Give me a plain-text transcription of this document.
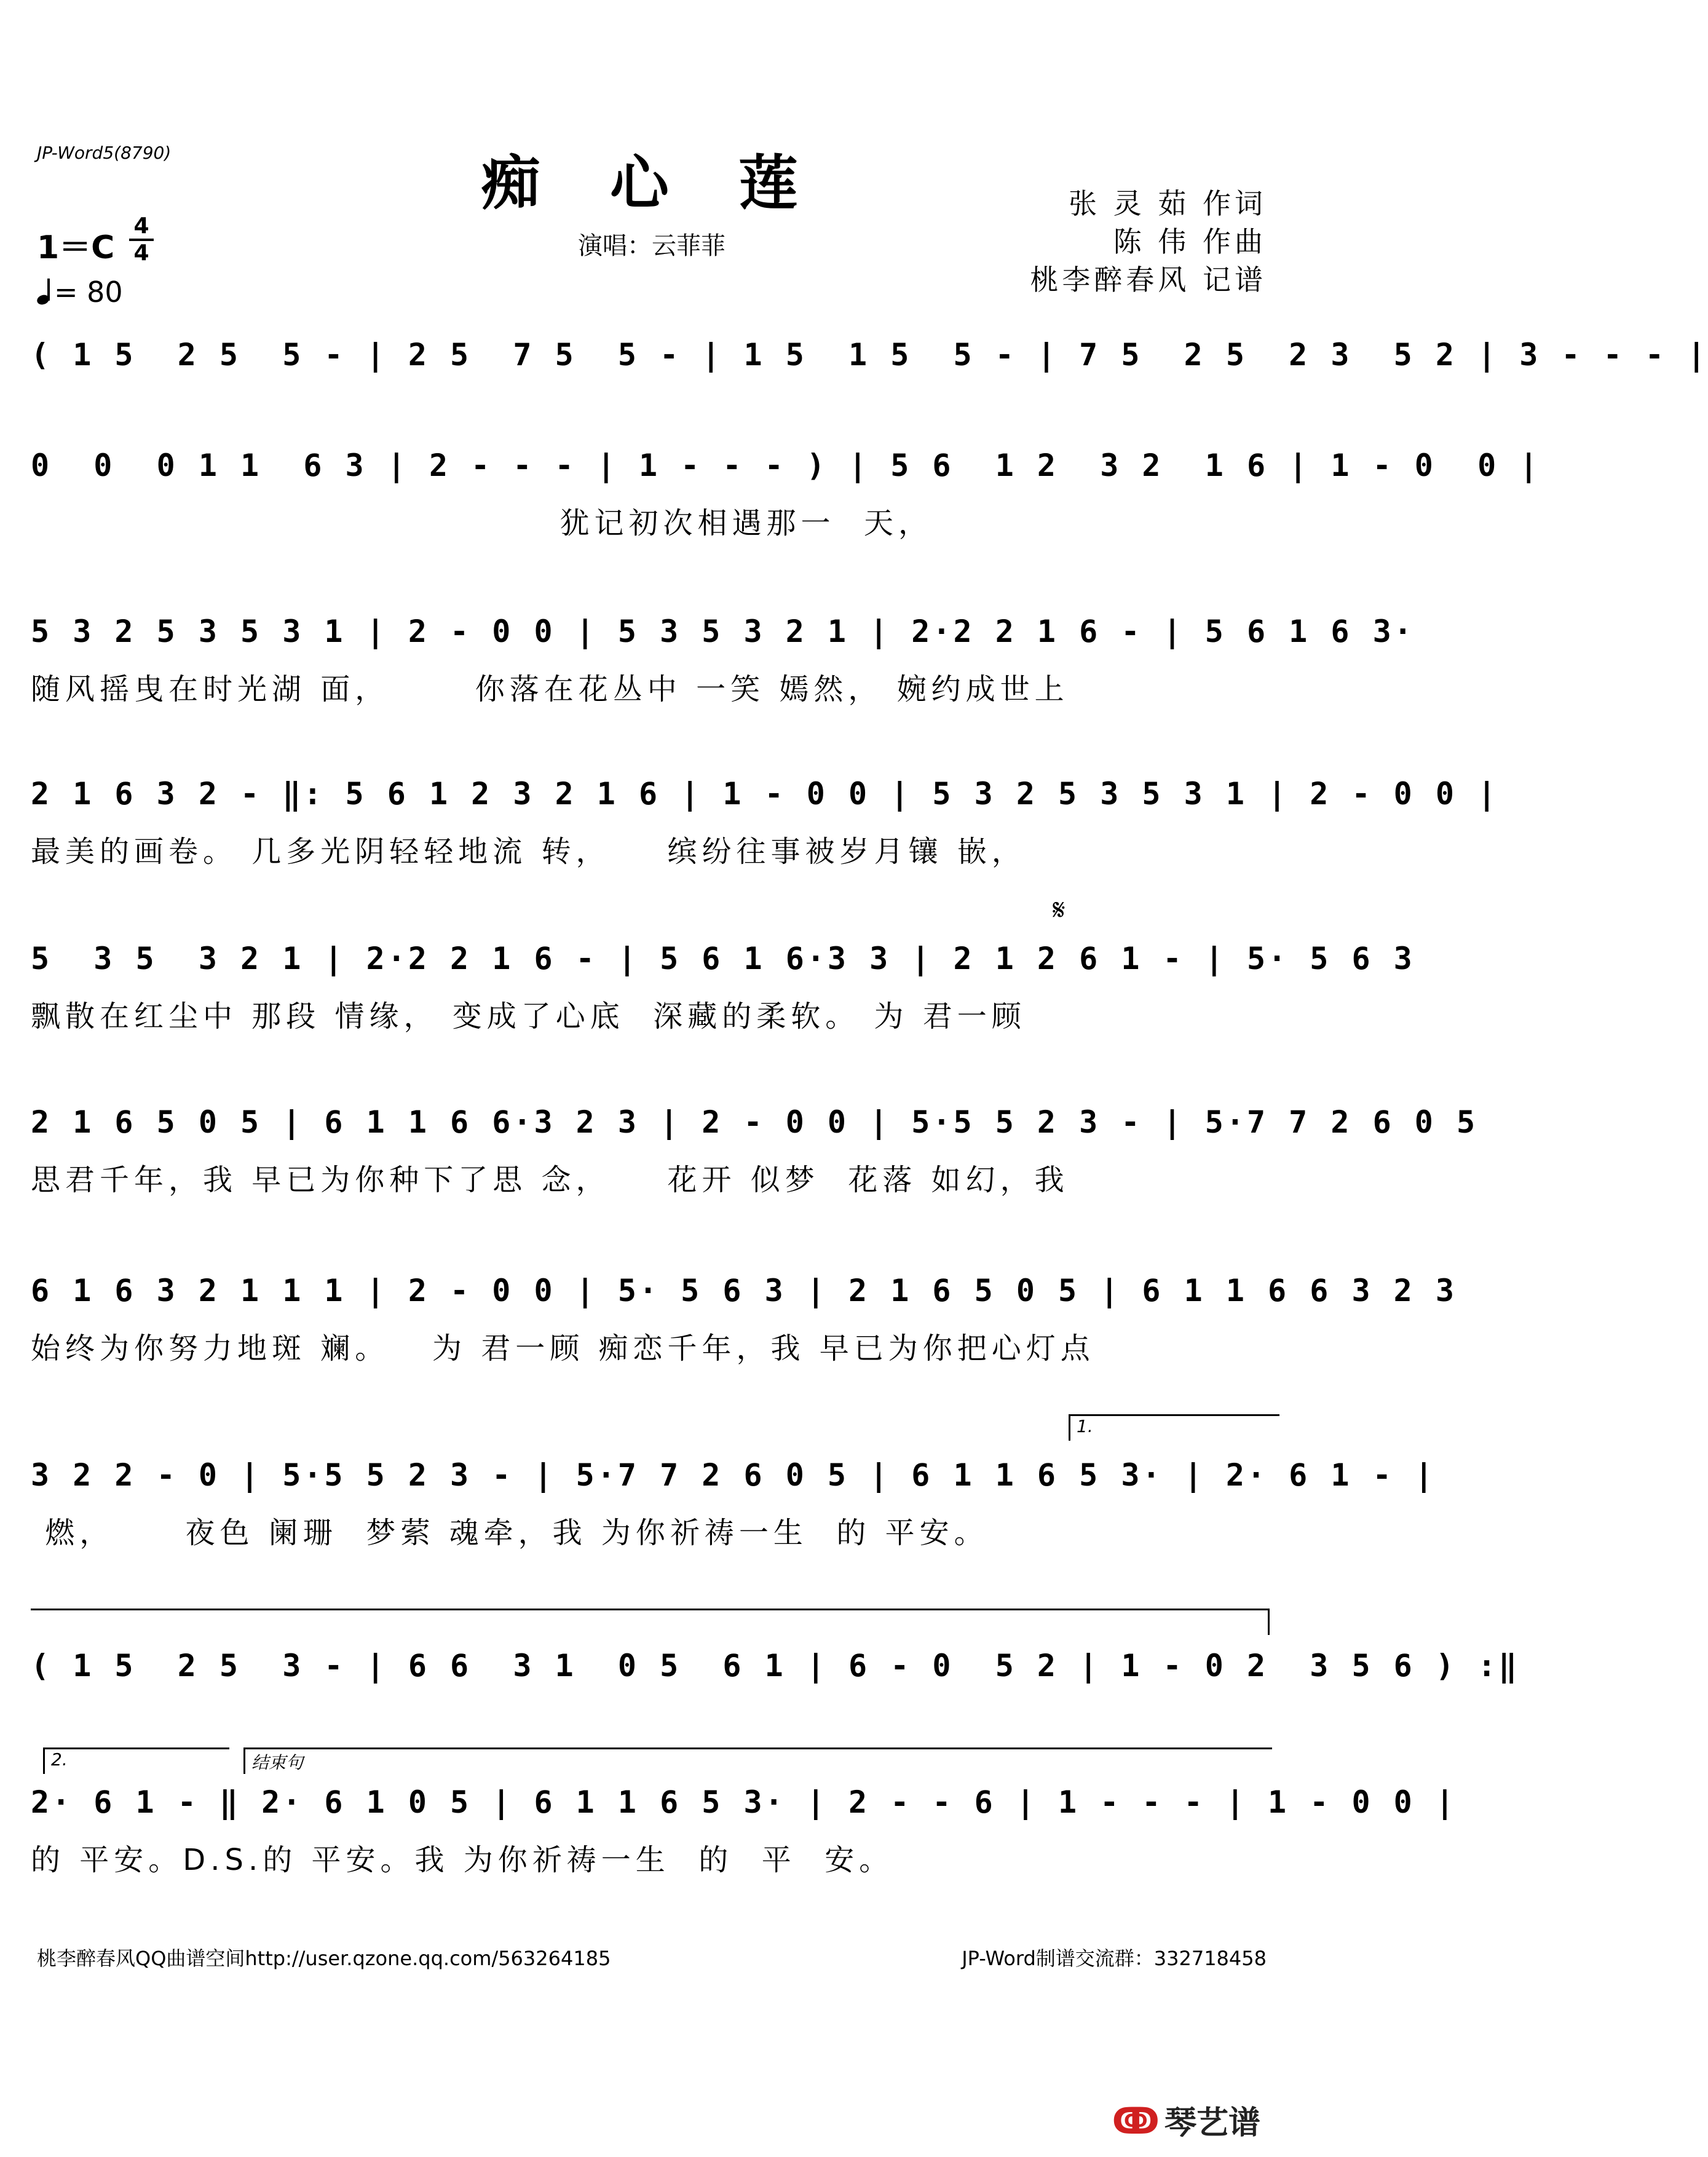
JP-Word5(8790)	痴 心 莲
演唱：云菲菲
张 灵 茹 作词
陈 伟 作曲
桃李醉春风 记谱
1＝C
4
4
= 80
( 1 5  2 5  5 - | 2 5  7 5  5 - | 1 5  1 5  5 - | 7 5  2 5  2 3  5 2 | 3 - - - |
0  0  0 1 1  6 3 | 2 - - - | 1 - - - ) | 5 6  1 2  3 2  1 6 | 1 - 0  0 |
犹记初次相遇那一  天，
5 3 2 5 3 5 3 1 | 2 - 0 0 | 5 3 5 3 2 1 | 2·2 2 1 6 - | 5 6 1 6 3·
随风摇曳在时光湖 面，      你落在花丛中 一笑 嫣然， 婉约成世上
2 1 6 3 2 - ‖: 5 6 1 2 3 2 1 6 | 1 - 0 0 | 5 3 2 5 3 5 3 1 | 2 - 0 0 |
最美的画卷。 几多光阴轻轻地流 转，    缤纷往事被岁月镶 嵌，
𝄋
5  3 5  3 2 1 | 2·2 2 1 6 - | 5 6 1 6·3 3 | 2 1 2 6 1 - | 5· 5 6 3
飘散在红尘中 那段 情缘， 变成了心底  深藏的柔软。 为 君一顾
2 1 6 5 0 5 | 6 1 1 6 6·3 2 3 | 2 - 0 0 | 5·5 5 2 3 - | 5·7 7 2 6 0 5
思君千年，我 早已为你种下了思 念，    花开 似梦  花落 如幻，我
6 1 6 3 2 1 1 1 | 2 - 0 0 | 5· 5 6 3 | 2 1 6 5 0 5 | 6 1 1 6 6 3 2 3
始终为你努力地斑 斓。   为 君一顾 痴恋千年，我 早已为你把心灯点
1.
3 2 2 - 0 | 5·5 5 2 3 - | 5·7 7 2 6 0 5 | 6 1 1 6 5 3· | 2· 6 1 - |
燃，     夜色 阑珊  梦萦 魂牵，我 为你祈祷一生  的 平安。
( 1 5  2 5  3 - | 6 6  3 1  0 5  6 1 | 6 - 0  5 2 | 1 - 0 2  3 5 6 ) :‖
2.	结束句
2· 6 1 - ‖ 2· 6 1 0 5 | 6 1 1 6 5 3· | 2 - - 6 | 1 - - - | 1 - 0 0 |
的 平安。D.S.的 平安。我 为你祈祷一生  的  平  安。
桃李醉春风QQ曲谱空间http://user.qzone.qq.com/563264185	JP-Word制谱交流群：332718458
ↂ 琴艺谱
